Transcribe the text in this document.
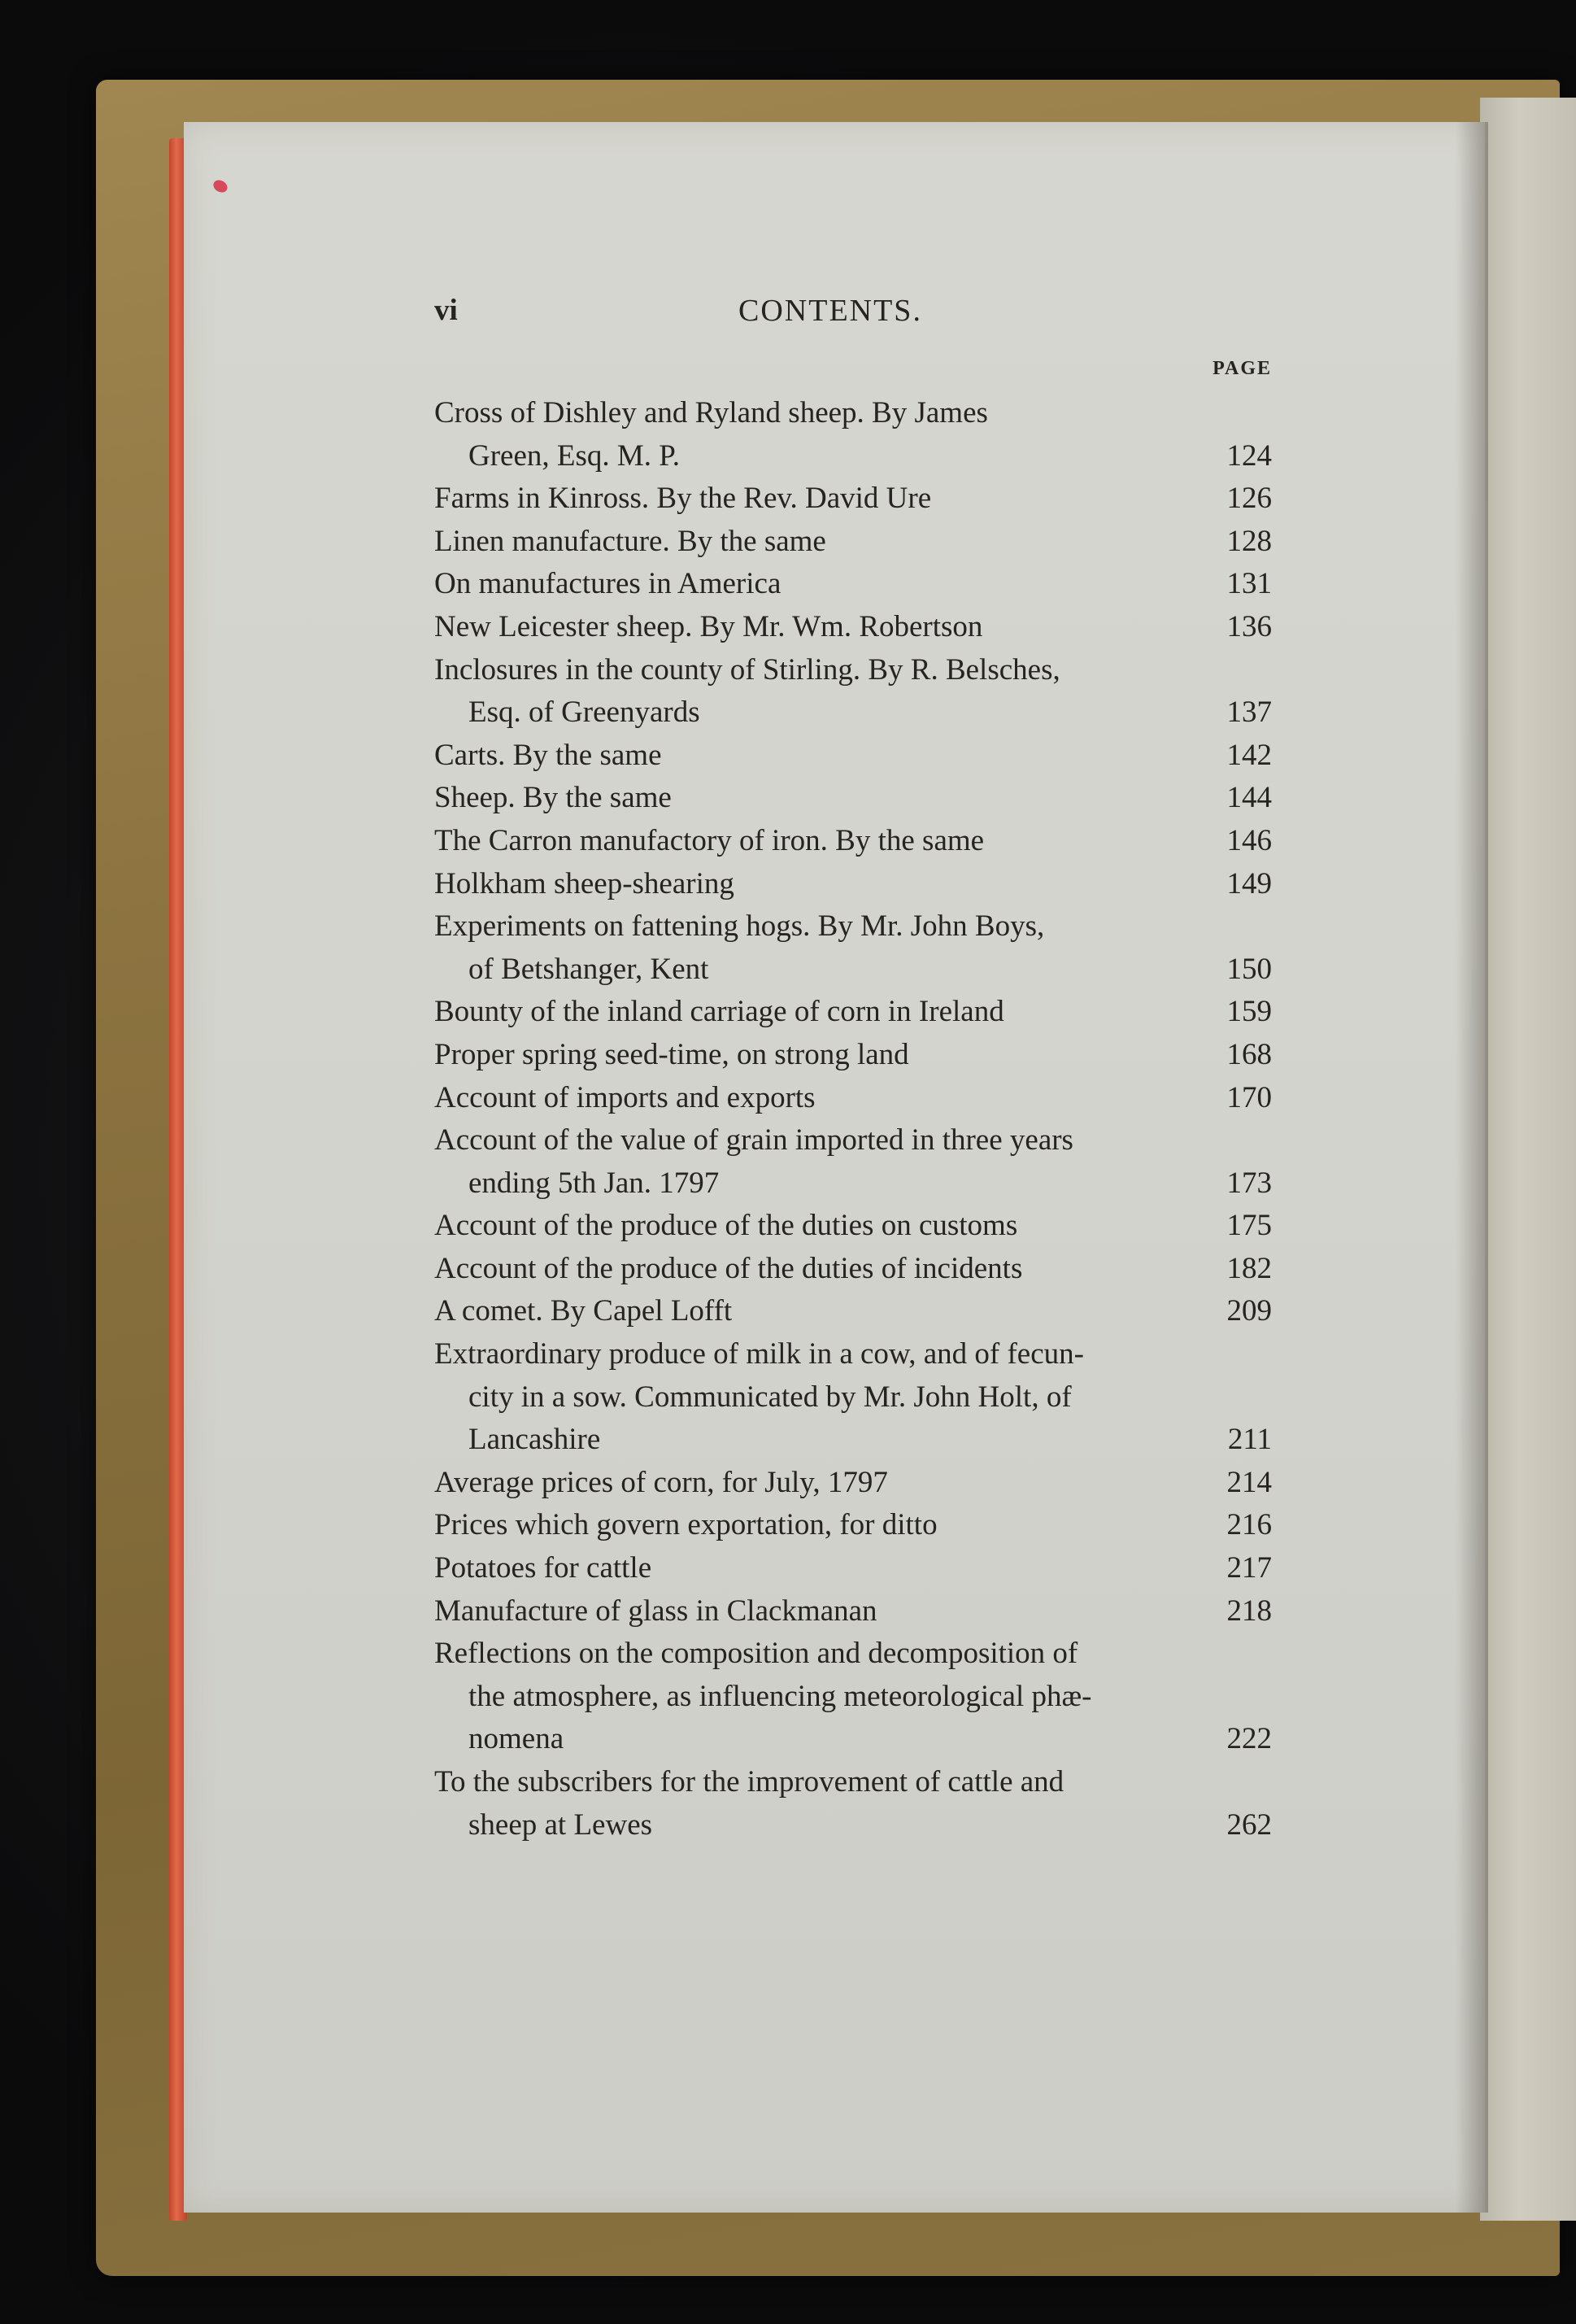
vi	CONTENTS.
PAGE
Cross of Dishley and Ryland sheep. By James
Green, Esq. M. P.	124
Farms in Kinross. By the Rev. David Ure	126
Linen manufacture. By the same	128
On manufactures in America	131
New Leicester sheep. By Mr. Wm. Robertson	136
Inclosures in the county of Stirling. By R. Belsches,
Esq. of Greenyards	137
Carts. By the same	142
Sheep. By the same	144
The Carron manufactory of iron. By the same	146
Holkham sheep-shearing	149
Experiments on fattening hogs. By Mr. John Boys,
of Betshanger, Kent	150
Bounty of the inland carriage of corn in Ireland	159
Proper spring seed-time, on strong land	168
Account of imports and exports	170
Account of the value of grain imported in three years
ending 5th Jan. 1797	173
Account of the produce of the duties on customs	175
Account of the produce of the duties of incidents	182
A comet. By Capel Lofft	209
Extraordinary produce of milk in a cow, and of fecun-
city in a sow. Communicated by Mr. John Holt, of
Lancashire	211
Average prices of corn, for July, 1797	214
Prices which govern exportation, for ditto	216
Potatoes for cattle	217
Manufacture of glass in Clackmanan	218
Reflections on the composition and decomposition of
the atmosphere, as influencing meteorological phæ-
nomena	222
To the subscribers for the improvement of cattle and
sheep at Lewes	262
